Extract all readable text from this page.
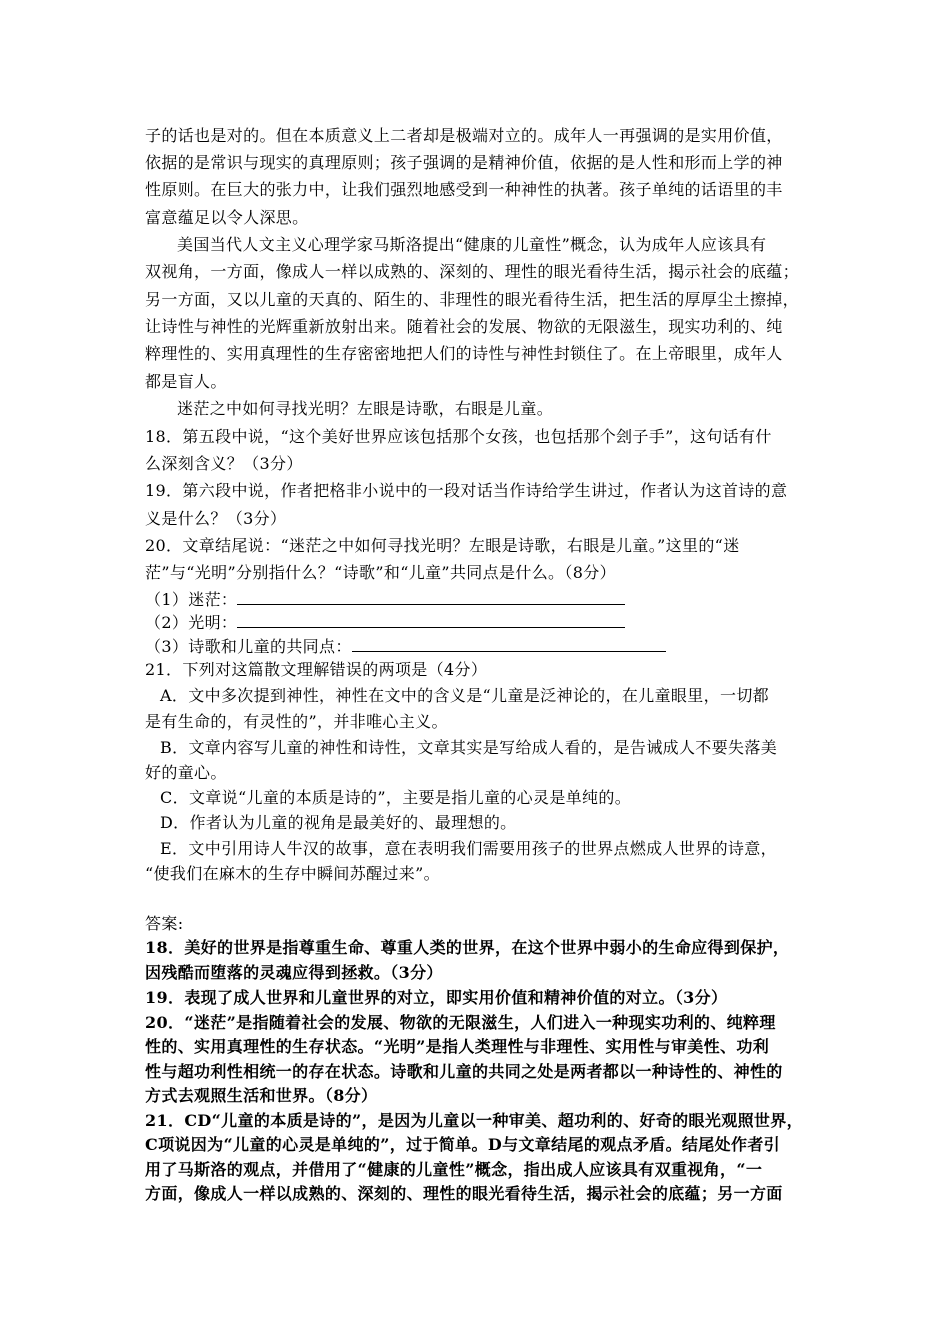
子的话也是对的。但在本质意义上二者却是极端对立的。成年人一再强调的是实用价值，
依据的是常识与现实的真理原则；孩子强调的是精神价值，依据的是人性和形而上学的神
性原则。在巨大的张力中，让我们强烈地感受到一种神性的执著。孩子单纯的话语里的丰
富意蕴足以令人深思。
美国当代人文主义心理学家马斯洛提出“健康的儿童性”概念，认为成年人应该具有
双视角，一方面，像成人一样以成熟的、深刻的、理性的眼光看待生活，揭示社会的底蕴；
另一方面，又以儿童的天真的、陌生的、非理性的眼光看待生活，把生活的厚厚尘土擦掉，
让诗性与神性的光辉重新放射出来。随着社会的发展、物欲的无限滋生，现实功利的、纯
粹理性的、实用真理性的生存密密地把人们的诗性与神性封锁住了。在上帝眼里，成年人
都是盲人。
迷茫之中如何寻找光明？左眼是诗歌，右眼是儿童。
18．第五段中说，“这个美好世界应该包括那个女孩，也包括那个刽子手”，这句话有什
么深刻含义？（3分）
19．第六段中说，作者把格非小说中的一段对话当作诗给学生讲过，作者认为这首诗的意
义是什么？（3分）
20．文章结尾说：“迷茫之中如何寻找光明？左眼是诗歌，右眼是儿童。”这里的“迷
茫”与“光明”分别指什么？“诗歌”和“儿童”共同点是什么。（8分）
（1）迷茫：
（2）光明：
（3）诗歌和儿童的共同点：
21．下列对这篇散文理解错误的两项是（4分）
A．文中多次提到神性，神性在文中的含义是“儿童是泛神论的，在儿童眼里，一切都
是有生命的，有灵性的”，并非唯心主义。
B．文章内容写儿童的神性和诗性，文章其实是写给成人看的，是告诫成人不要失落美
好的童心。
C．文章说“儿童的本质是诗的”，主要是指儿童的心灵是单纯的。
D．作者认为儿童的视角是最美好的、最理想的。
E．文中引用诗人牛汉的故事，意在表明我们需要用孩子的世界点燃成人世界的诗意，
“使我们在麻木的生存中瞬间苏醒过来”。
答案:
18．美好的世界是指尊重生命、尊重人类的世界，在这个世界中弱小的生命应得到保护，
因残酷而堕落的灵魂应得到拯救。（3分）
19．表现了成人世界和儿童世界的对立，即实用价值和精神价值的对立。（3分）
20．“迷茫”是指随着社会的发展、物欲的无限滋生，人们进入一种现实功利的、纯粹理
性的、实用真理性的生存状态。“光明”是指人类理性与非理性、实用性与审美性、功利
性与超功利性相统一的存在状态。诗歌和儿童的共同之处是两者都以一种诗性的、神性的
方式去观照生活和世界。（8分）
21．CD“儿童的本质是诗的”，是因为儿童以一种审美、超功利的、好奇的眼光观照世界，
C项说因为“儿童的心灵是单纯的”，过于简单。D与文章结尾的观点矛盾。结尾处作者引
用了马斯洛的观点，并借用了“健康的儿童性”概念，指出成人应该具有双重视角，“一
方面，像成人一样以成熟的、深刻的、理性的眼光看待生活，揭示社会的底蕴；另一方面
